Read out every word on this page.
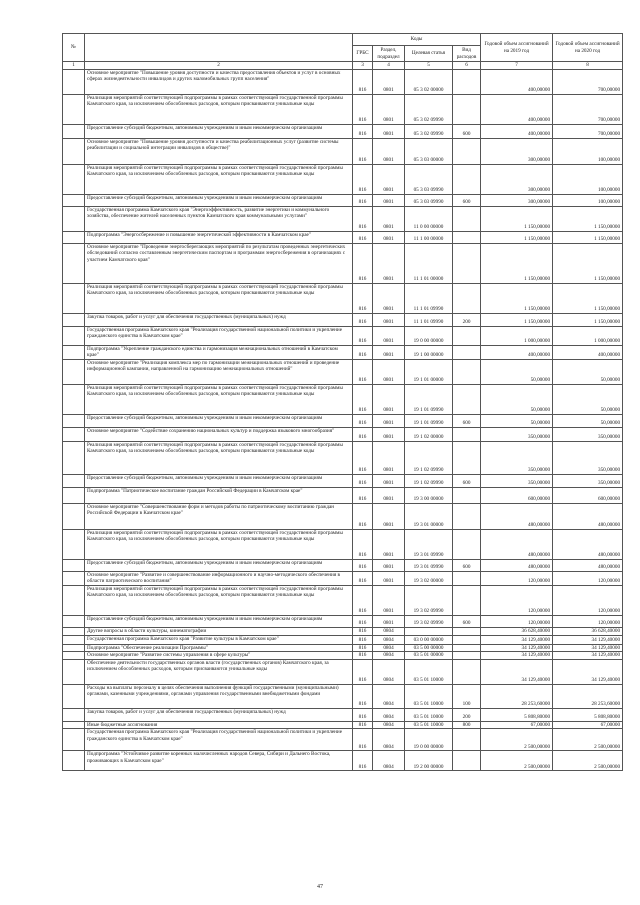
№		Коды				Годовой объем ассигнований на 2019 год	Годовой объем ассигнований на 2020 год
		ГРБС	Раздел, подраздел	Целевая статья	Вид расходов		
1	2	3	4	5	6	7	8
	Основное мероприятие "Повышение уровня доступности и качества предоставления объектов и услуг в основных сферах жизнедеятельности инвалидов и других маломобильных групп населения"	816	0801	05 3 02 00000		400,00000	700,00000
	Реализация мероприятий соответствующей подпрограммы в рамках соответствующей государственной программы Камчатского края, за исключением обособленных расходов, которым присваиваются уникальные коды	816	0801	05 3 02 09990		400,00000	700,00000
	Предоставление субсидий бюджетным, автономным учреждениям и иным некоммерческим организациям	816	0801	05 3 02 09990	600	400,00000	700,00000
	Основное мероприятие "Повышение уровня доступности и качества реабилитационных услуг (развитие системы реабилитации и социальной интеграции инвалидов в обществе)"	816	0801	05 3 03 00000		300,00000	100,00000
	Реализация мероприятий соответствующей подпрограммы в рамках соответствующей государственной программы Камчатского края, за исключением обособленных расходов, которым присваиваются уникальные коды	816	0801	05 3 03 09990		300,00000	100,00000
	Предоставление субсидий бюджетным, автономным учреждениям и иным некоммерческим организациям	816	0801	05 3 03 09990	600	300,00000	100,00000
	Государственная программа Камчатского края "Энергоэффективность, развитие энергетики и коммунального хозяйства, обеспечение жителей населенных пунктов Камчатского края коммунальными услугами"	816	0801	11 0 00 00000		1 150,00000	1 150,00000
	Подпрограмма "Энергосбережение и повышение энергетической эффективности в Камчатском крае"	816	0801	11 1 00 00000		1 150,00000	1 150,00000
	Основное мероприятие "Проведение энергосберегающих мероприятий по результатам проведенных энергетических обследований согласно составленным энергетическим паспортам и программам энергосбережения в организациях с участием Камчатского края"	816	0801	11 1 01 00000		1 150,00000	1 150,00000
	Реализация мероприятий соответствующей подпрограммы в рамках соответствующей государственной программы Камчатского края, за исключением обособленных расходов, которым присваиваются уникальные коды	816	0801	11 1 01 09990		1 150,00000	1 150,00000
	Закупка товаров, работ и услуг для обеспечения государственных (муниципальных) нужд	816	0801	11 1 01 09990	200	1 150,00000	1 150,00000
	Государственная программа Камчатского края "Реализация государственной национальной политики и укрепление гражданского единства в Камчатском крае"	816	0801	19 0 00 00000		1 000,00000	1 000,00000
	Подпрограмма "Укрепление гражданского единства и гармонизация межнациональных отношений в Камчатском крае"	816	0801	19 1 00 00000		400,00000	400,00000
	Основное мероприятие "Реализация комплекса мер по гармонизации межнациональных отношений и проведение информационной кампании, направленной на гармонизацию межнациональных отношений"	816	0801	19 1 01 00000		50,00000	50,00000
	Реализация мероприятий соответствующей подпрограммы в рамках соответствующей государственной программы Камчатского края, за исключением обособленных расходов, которым присваиваются уникальные коды	816	0801	19 1 01 09990		50,00000	50,00000
	Предоставление субсидий бюджетным, автономным учреждениям и иным некоммерческим организациям	816	0801	19 1 01 09990	600	50,00000	50,00000
	Основное мероприятие "Содействие сохранению национальных культур и поддержка языкового многообразия"	816	0801	19 1 02 00000		350,00000	350,00000
	Реализация мероприятий соответствующей подпрограммы в рамках соответствующей государственной программы Камчатского края, за исключением обособленных расходов, которым присваиваются уникальные коды	816	0801	19 1 02 09990		350,00000	350,00000
	Предоставление субсидий бюджетным, автономным учреждениям и иным некоммерческим организациям	816	0801	19 1 02 09990	600	350,00000	350,00000
	Подпрограмма "Патриотическое воспитание граждан Российской Федерации в Камчатском крае"	816	0801	19 3 00 00000		600,00000	600,00000
	Основное мероприятие "Совершенствование форм и методов работы по патриотическому воспитанию граждан Российской Федерации в Камчатском крае"	816	0801	19 3 01 00000		480,00000	480,00000
	Реализация мероприятий соответствующей подпрограммы в рамках соответствующей государственной программы Камчатского края, за исключением обособленных расходов, которым присваиваются уникальные коды	816	0801	19 3 01 09990		480,00000	480,00000
	Предоставление субсидий бюджетным, автономным учреждениям и иным некоммерческим организациям	816	0801	19 3 01 09990	600	480,00000	480,00000
	Основное мероприятие "Развитие и совершенствование информационного и научно-методического обеспечения в области патриотического воспитания"	816	0801	19 3 02 00000		120,00000	120,00000
	Реализация мероприятий соответствующей подпрограммы в рамках соответствующей государственной программы Камчатского края, за исключением обособленных расходов, которым присваиваются уникальные коды	816	0801	19 3 02 09990		120,00000	120,00000
	Предоставление субсидий бюджетным, автономным учреждениям и иным некоммерческим организациям	816	0801	19 3 02 09990	600	120,00000	120,00000
	Другие вопросы в области культуры, кинематографии	816	0804			36 628,40000	36 628,40000
	Государственная программа Камчатского края "Развитие культуры в Камчатском крае"	816	0804	03 0 00 00000		34 129,40000	34 129,40000
	Подпрограмма "Обеспечение реализации Программы"	816	0804	03 5 00 00000		34 129,40000	34 129,40000
	Основное мероприятие "Развитие системы управления в сфере культуры"	816	0804	03 5 01 00000		34 129,40000	34 129,40000
	Обеспечение деятельности государственных органов власти (государственных органов) Камчатского края, за исключением обособленных расходов, которым присваиваются уникальные коды	816	0804	03 5 01 10000		34 129,40000	34 129,40000
	Расходы на выплаты персоналу в целях обеспечения выполнения функций государственными (муниципальными) органами, казенными учреждениями, органами управления государственными внебюджетными фондами	816	0804	03 5 01 10000	100	28 253,60000	28 253,60000
	Закупка товаров, работ и услуг для обеспечения государственных (муниципальных) нужд	816	0804	03 5 01 10000	200	5 808,80000	5 808,80000
	Иные бюджетные ассигнования	816	0804	03 5 01 10000	800	67,00000	67,00000
	Государственная программа Камчатского края "Реализация государственной национальной политики и укрепление гражданского единства в Камчатском крае"	816	0804	19 0 00 00000		2 500,00000	2 500,00000
	Подпрограмма "Устойчивое развитие коренных малочисленных народов Севера, Сибири и Дальнего Востока, проживающих в Камчатском крае"	816	0804	19 2 00 00000		2 500,00000	2 500,00000
47
